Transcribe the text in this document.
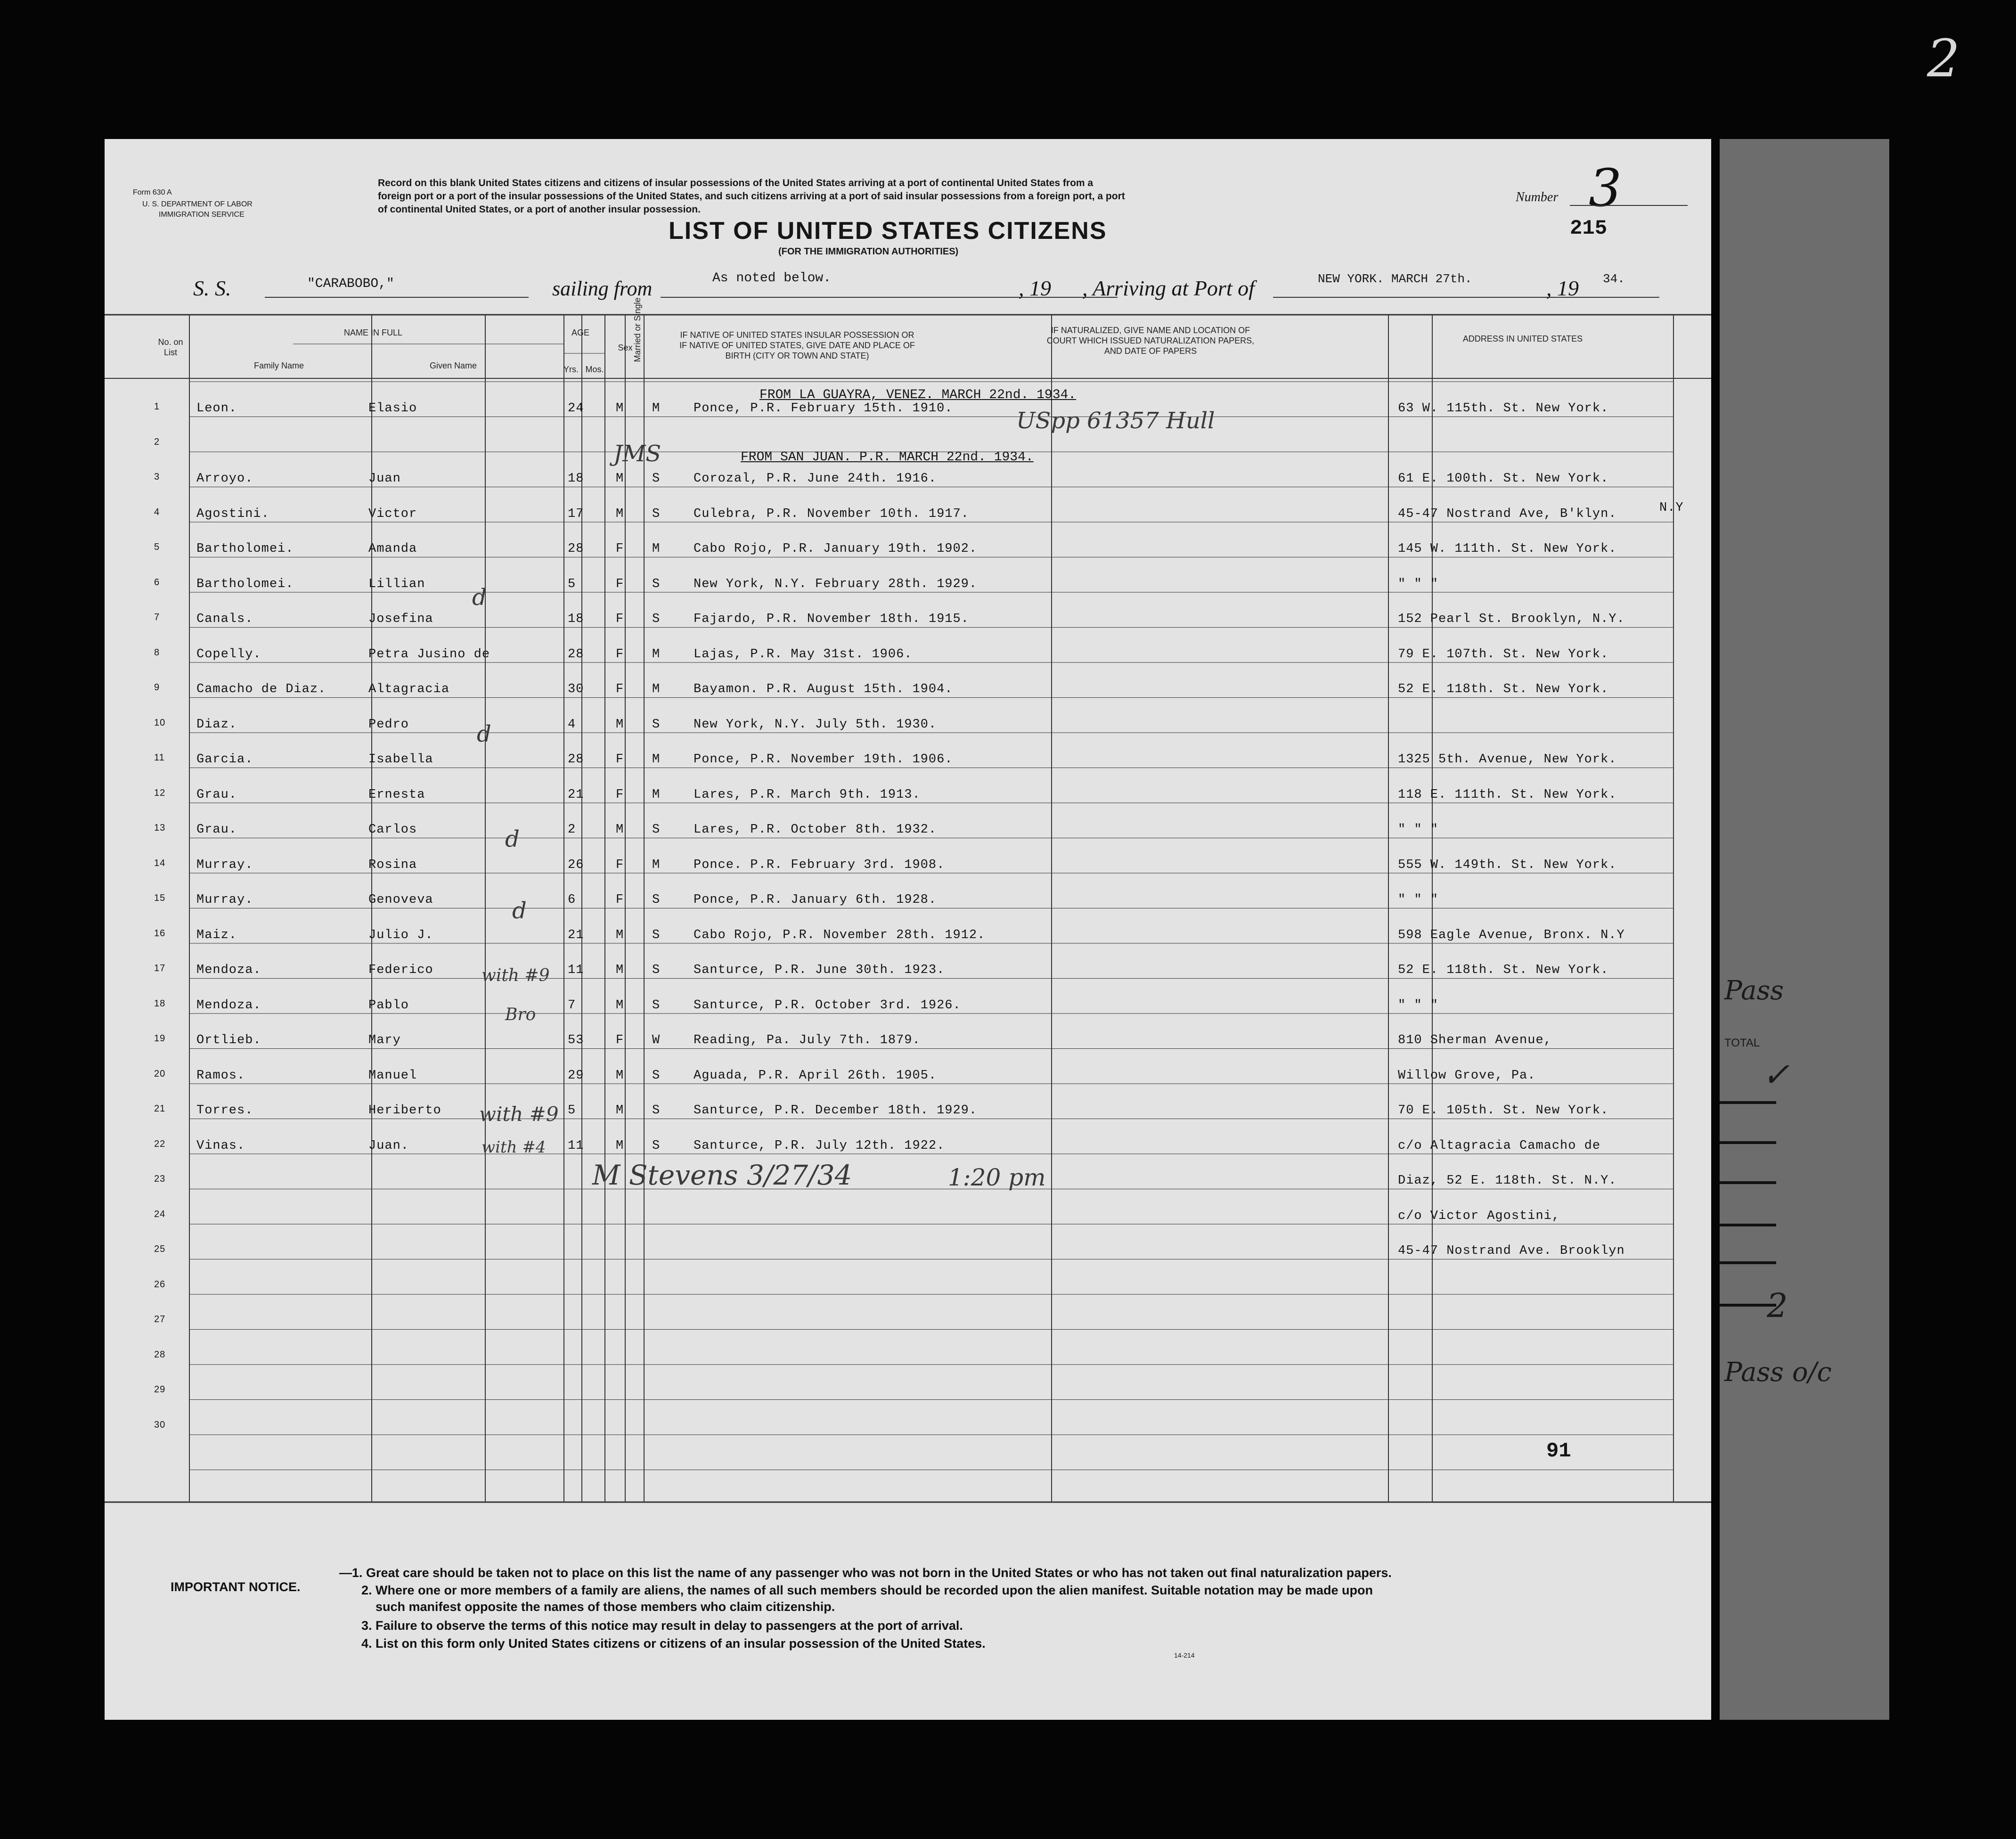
2
Pass
TOTAL
✓
2
Pass o/c
Form 630 A
U. S. DEPARTMENT OF LABOR
IMMIGRATION SERVICE
Record on this blank United States citizens and citizens of insular possessions of the United States arriving at a port of continental United States from a
foreign port or a port of the insular possessions of the United States, and such citizens arriving at a port of said insular possessions from a foreign port, a port
of continental United States, or a port of another insular possession.
Number 3
215
LIST OF UNITED STATES CITIZENS
(FOR THE IMMIGRATION AUTHORITIES)
S. S.	"CARABOBO,"	sailing from	As noted below.	, 19 , Arriving at Port of	NEW YORK. MARCH 27th.	, 19 34.
No. on List
NAME IN FULL
Family Name	Given Name
AGE
Yrs. Mos.
Sex Married or Single	IF NATIVE OF UNITED STATES INSULAR POSSESSION OR IF NATIVE OF UNITED STATES, GIVE DATE AND PLACE OF BIRTH (CITY OR TOWN AND STATE)
IF NATURALIZED, GIVE NAME AND LOCATION OF COURT WHICH ISSUED NATURALIZATION PAPERS, AND DATE OF PAPERS
ADDRESS IN UNITED STATES
FROM LA GUAYRA, VENEZ. MARCH 22nd. 1934.
FROM SAN JUAN. P.R. MARCH 22nd. 1934.
1	Leon.	Elasio	24	M M	Ponce, P.R. February 15th. 1910.	63 W. 115th. St. New York.
2
3	Arroyo.	Juan	18	M S	Corozal, P.R. June 24th. 1916.	61 E. 100th. St. New York.
4	Agostini.	Victor	17	M S	Culebra, P.R. November 10th. 1917.	45-47 Nostrand Ave, B'klyn.
5	Bartholomei.	Amanda	28	F M	Cabo Rojo, P.R. January 19th. 1902.	145 W. 111th. St. New York.
6	Bartholomei.	Lillian	5	F S	New York, N.Y. February 28th. 1929.	" " "
7	Canals.	Josefina	18	F S	Fajardo, P.R. November 18th. 1915.	152 Pearl St. Brooklyn, N.Y.
8	Copelly.	Petra Jusino de	28	F M	Lajas, P.R. May 31st. 1906.	79 E. 107th. St. New York.
9	Camacho de Diaz.	Altagracia	30	F M	Bayamon. P.R. August 15th. 1904.	52 E. 118th. St. New York.
10 Diaz.	Pedro	4	M S	New York, N.Y. July 5th. 1930.
11 Garcia.	Isabella	28	F M	Ponce, P.R. November 19th. 1906.	1325 5th. Avenue, New York.
12 Grau.	Ernesta	21	F M	Lares, P.R. March 9th. 1913.	118 E. 111th. St. New York.
13 Grau.	Carlos	2	M S	Lares, P.R. October 8th. 1932.	" " "
14 Murray.	Rosina	26	F M	Ponce. P.R. February 3rd. 1908.	555 W. 149th. St. New York.
15 Murray.	Genoveva	6	F S	Ponce, P.R. January 6th. 1928.	" " "
16 Maiz.	Julio J.	21	M S	Cabo Rojo, P.R. November 28th. 1912.	598 Eagle Avenue, Bronx. N.Y
17 Mendoza.	Federico	11	M S	Santurce, P.R. June 30th. 1923.	52 E. 118th. St. New York.
18 Mendoza.	Pablo	7	M S	Santurce, P.R. October 3rd. 1926.	" " "
19 Ortlieb.	Mary	53	F W	Reading, Pa. July 7th. 1879.	810 Sherman Avenue,
20 Ramos.	Manuel	29	M S	Aguada, P.R. April 26th. 1905.	Willow Grove, Pa.
21 Torres.	Heriberto	5	M S	Santurce, P.R. December 18th. 1929.	70 E. 105th. St. New York.
22 Vinas.	Juan.	11	M S	Santurce, P.R. July 12th. 1922.	c/o Altagracia Camacho de
23	Diaz, 52 E. 118th. St. N.Y.
24	c/o Victor Agostini,
25	45-47 Nostrand Ave. Brooklyn
26
27
28
29
30
N.Y
USpp 61357 Hull
JMS
d
d
d
d
with #9
Bro
with #9
with #4
M Stevens 3/27/34	1:20 pm
91
IMPORTANT NOTICE.
—1. Great care should be taken not to place on this list the name of any passenger who was not born in the United States or who has not taken out final naturalization papers.
2. Where one or more members of a family are aliens, the names of all such members should be recorded upon the alien manifest. Suitable notation may be made upon
such manifest opposite the names of those members who claim citizenship.
3. Failure to observe the terms of this notice may result in delay to passengers at the port of arrival.
4. List on this form only United States citizens or citizens of an insular possession of the United States.
14-214
